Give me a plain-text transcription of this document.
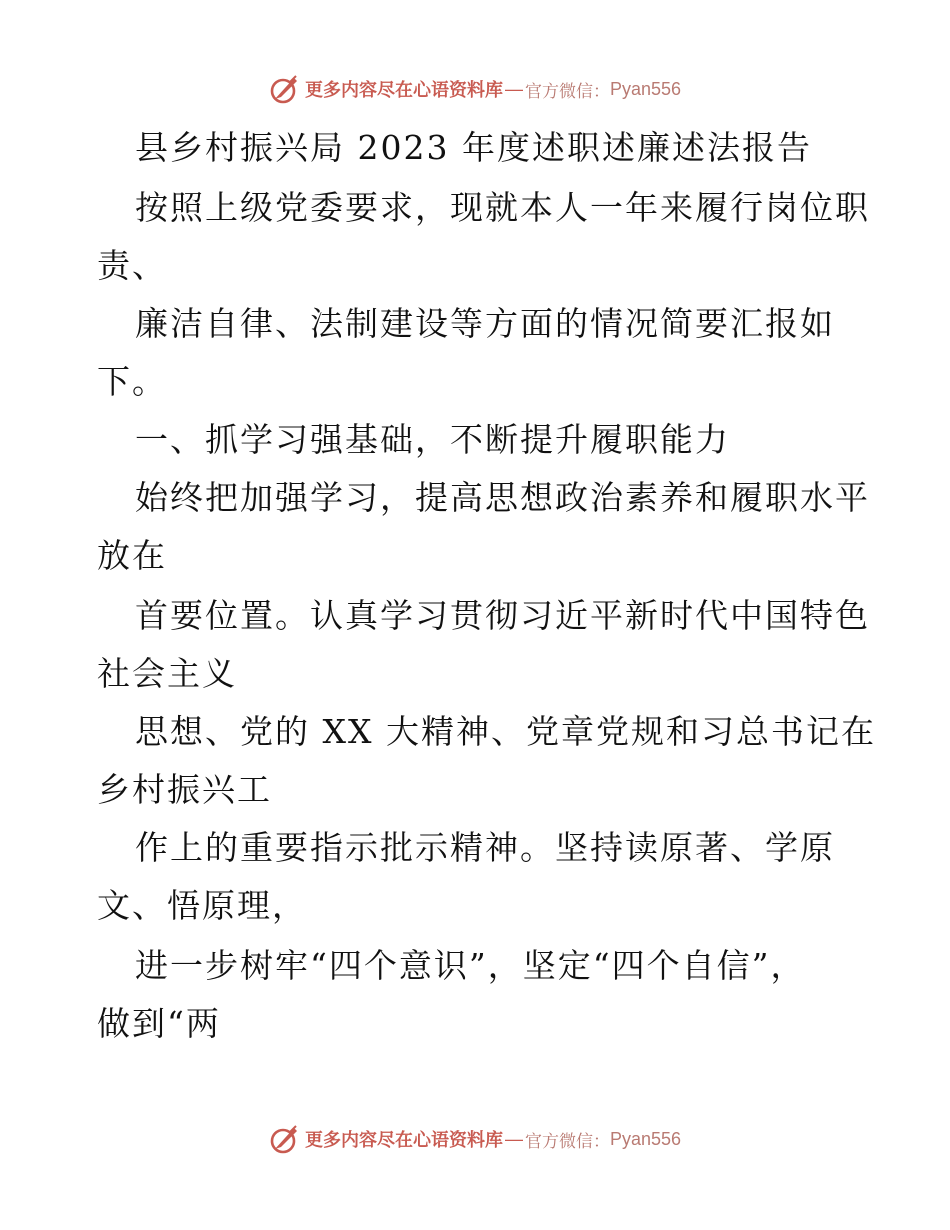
更多内容尽在心语资料库 — 官方微信： Pyan556
县乡村振兴局 2023 年度述职述廉述法报告
按照上级党委要求，现就本人一年来履行岗位职
责、
廉洁自律、法制建设等方面的情况简要汇报如
下。
一、抓学习强基础，不断提升履职能力
始终把加强学习，提高思想政治素养和履职水平
放在
首要位置。认真学习贯彻习近平新时代中国特色
社会主义
思想、党的 XX 大精神、党章党规和习总书记在
乡村振兴工
作上的重要指示批示精神。坚持读原著、学原
文、悟原理，
进一步树牢“四个意识”，坚定“四个自信”，
做到“两
更多内容尽在心语资料库 — 官方微信： Pyan556
